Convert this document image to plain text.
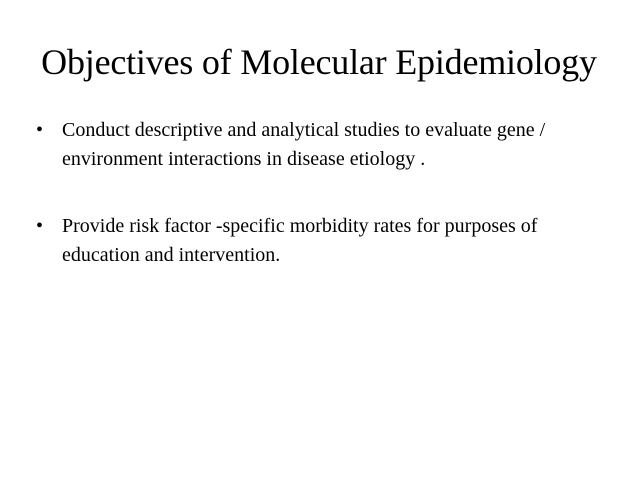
Objectives of Molecular Epidemiology
• Conduct descriptive and analytical studies to evaluate gene / environment interactions in disease etiology .
• Provide risk factor -specific morbidity rates for purposes of education and intervention.
